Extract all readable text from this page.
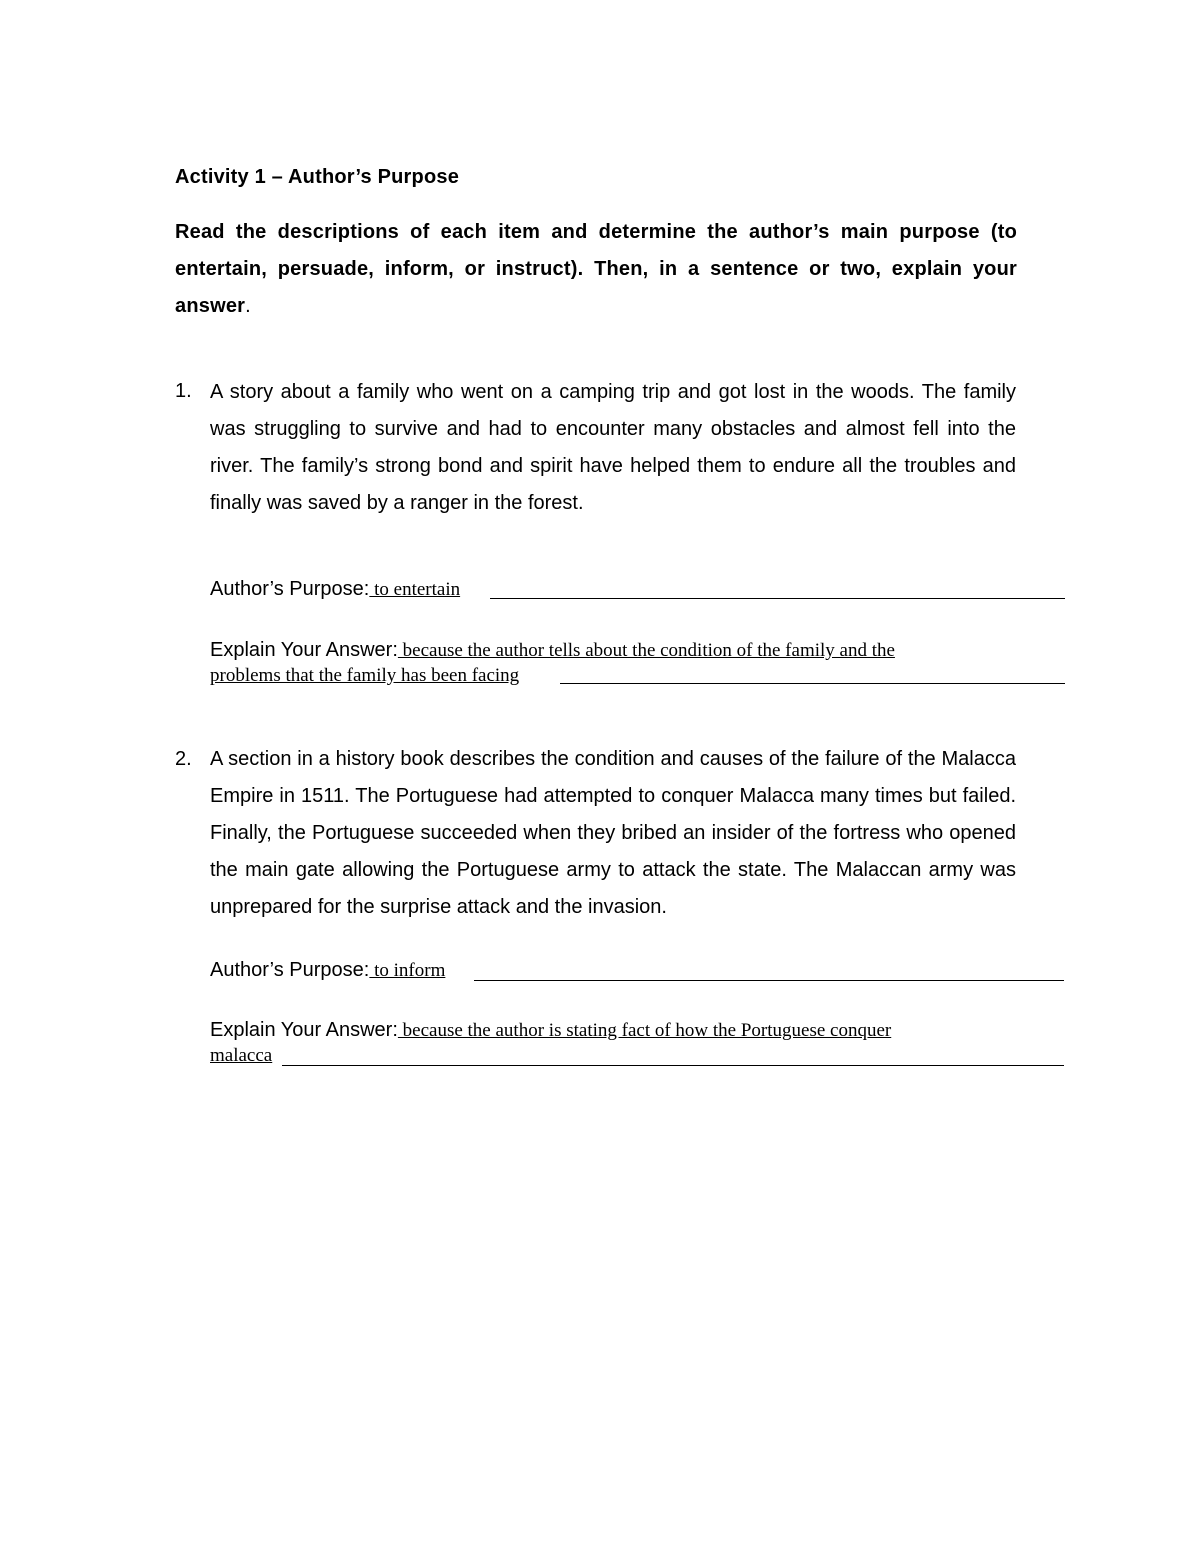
Activity 1 – Author’s Purpose
Read the descriptions of each item and determine the author’s main purpose (to entertain, persuade, inform, or instruct). Then, in a sentence or two, explain your answer.
1. A story about a family who went on a camping trip and got lost in the woods. The family was struggling to survive and had to encounter many obstacles and almost fell into the river. The family’s strong bond and spirit have helped them to endure all the troubles and finally was saved by a ranger in the forest.
Author’s Purpose: to entertain
Explain Your Answer: because the author tells about the condition of the family and the
problems that the family has been facing
2. A section in a history book describes the condition and causes of the failure of the Malacca Empire in 1511. The Portuguese had attempted to conquer Malacca many times but failed. Finally, the Portuguese succeeded when they bribed an insider of the fortress who opened the main gate allowing the Portuguese army to attack the state. The Malaccan army was unprepared for the surprise attack and the invasion.
Author’s Purpose: to inform
Explain Your Answer: because the author is stating fact of how the Portuguese conquer
malacca
